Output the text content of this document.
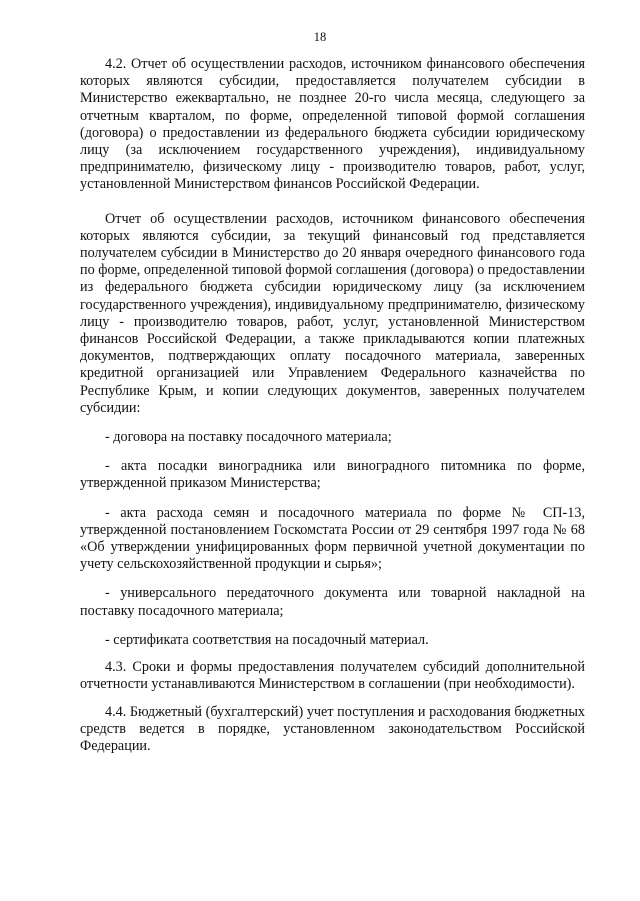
18

4.2. Отчет об осуществлении расходов, источником финансового обеспечения которых являются субсидии, предоставляется получателем субсидии в Министерство ежеквартально, не позднее 20-го числа месяца, следующего за отчетным кварталом, по форме, определенной типовой формой соглашения (договора) о предоставлении из федерального бюджета субсидии юридическому лицу (за исключением государственного учреждения), индивидуальному предпринимателю, физическому лицу - производителю товаров, работ, услуг, установленной Министерством финансов Российской Федерации.

Отчет об осуществлении расходов, источником финансового обеспечения которых являются субсидии, за текущий финансовый год представляется получателем субсидии в Министерство до 20 января очередного финансового года по форме, определенной типовой формой соглашения (договора) о предоставлении из федерального бюджета субсидии юридическому лицу (за исключением государственного учреждения), индивидуальному предпринимателю, физическому лицу - производителю товаров, работ, услуг, установленной Министерством финансов Российской Федерации, а также прикладываются копии платежных документов, подтверждающих оплату посадочного материала, заверенных кредитной организацией или Управлением Федерального казначейства по Республике Крым, и копии следующих документов, заверенных получателем субсидии:

- договора на поставку посадочного материала;

- акта посадки виноградника или виноградного питомника по форме, утвержденной приказом Министерства;

- акта расхода семян и посадочного материала по форме № СП-13, утвержденной постановлением Госкомстата России от 29 сентября 1997 года № 68 «Об утверждении унифицированных форм первичной учетной документации по учету сельскохозяйственной продукции и сырья»;

- универсального передаточного документа или товарной накладной на поставку посадочного материала;

- сертификата соответствия на посадочный материал.

4.3. Сроки и формы предоставления получателем субсидий дополнительной отчетности устанавливаются Министерством в соглашении (при необходимости).

4.4. Бюджетный (бухгалтерский) учет поступления и расходования бюджетных средств ведется в порядке, установленном законодательством Российской Федерации.
